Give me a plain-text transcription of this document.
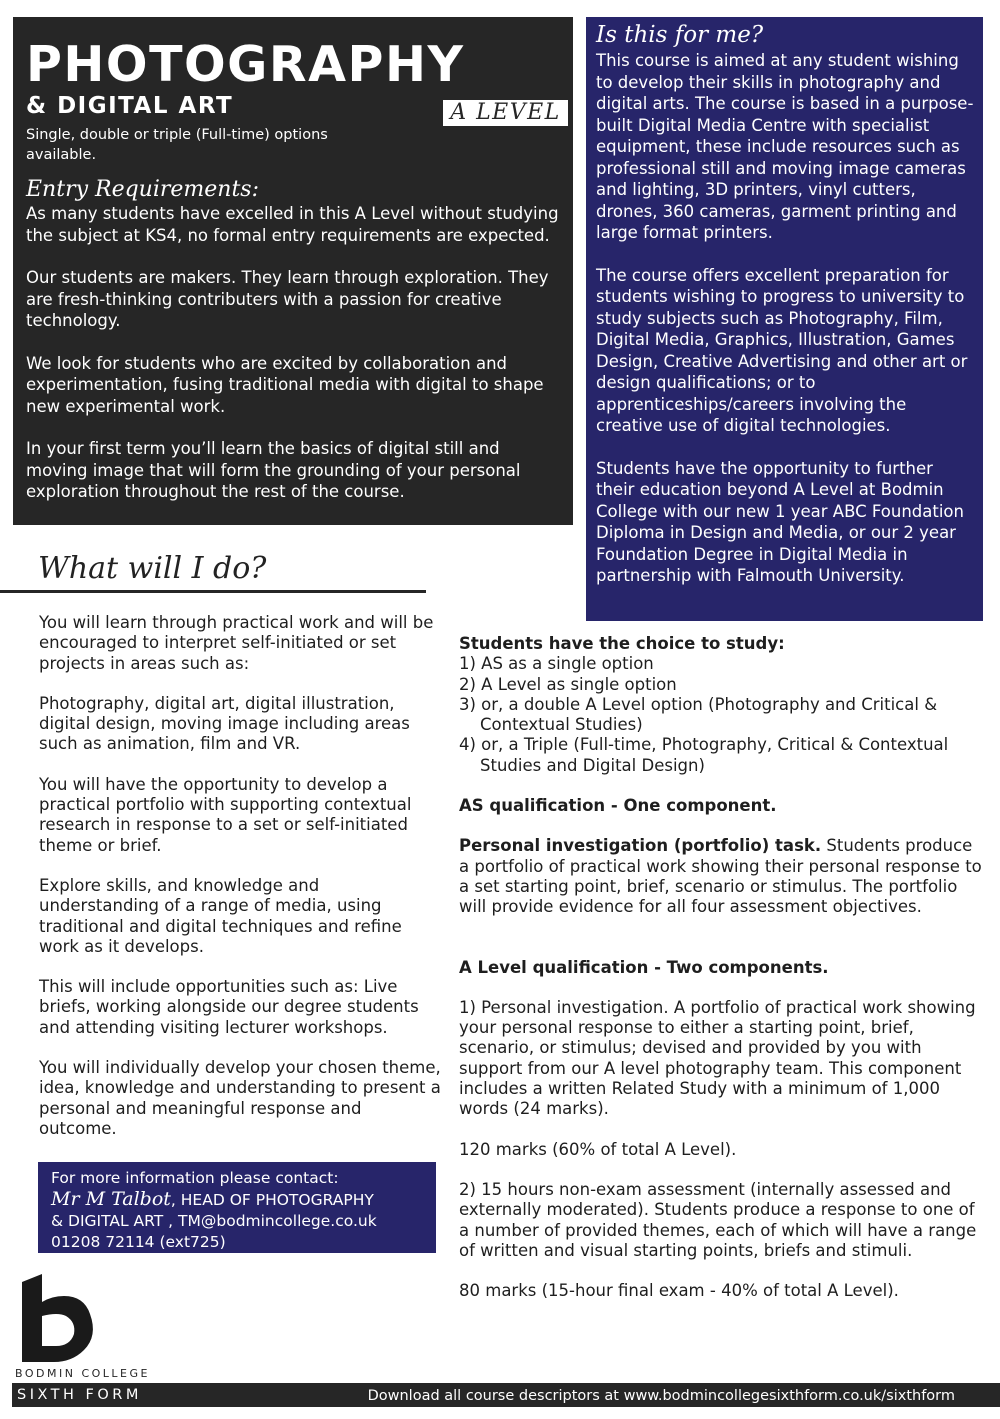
PHOTOGRAPHY
& DIGITAL ART	A LEVEL

Single, double or triple (Full-time) options available.

Entry Requirements:

As many students have excelled in this A Level without studying the subject at KS4, no formal entry requirements are expected.

Our students are makers. They learn through exploration. They are fresh-thinking contributers with a passion for creative technology.

We look for students who are excited by collaboration and experimentation, fusing traditional media with digital to shape new experimental work.

In your first term you’ll learn the basics of digital still and moving image that will form the grounding of your personal exploration throughout the rest of the course.

Is this for me?

This course is aimed at any student wishing to develop their skills in photography and digital arts. The course is based in a purpose-built Digital Media Centre with specialist equipment, these include resources such as professional still and moving image cameras and lighting, 3D printers, vinyl cutters, drones, 360 cameras, garment printing and large format printers.

The course offers excellent preparation for students wishing to progress to university to study subjects such as Photography, Film, Digital Media, Graphics, Illustration, Games Design, Creative Advertising and other art or design qualifications; or to apprenticeships/careers involving the creative use of digital technologies.

Students have the opportunity to further their education beyond A Level at Bodmin College with our new 1 year ABC Foundation Diploma in Design and Media, or our 2 year Foundation Degree in Digital Media in partnership with Falmouth University.

What will I do?

You will learn through practical work and will be encouraged to interpret self-initiated or set projects in areas such as:

Photography, digital art, digital illustration, digital design, moving image including areas such as animation, film and VR.

You will have the opportunity to develop a practical portfolio with supporting contextual research in response to a set or self-initiated theme or brief.

Explore skills, and knowledge and understanding of a range of media, using traditional and digital techniques and refine work as it develops.

This will include opportunities such as: Live briefs, working alongside our degree students and attending visiting lecturer workshops.

You will individually develop your chosen theme, idea, knowledge and understanding to present a personal and meaningful response and outcome.

Students have the choice to study:
1) AS as a single option
2) A Level as single option
3) or, a double A Level option (Photography and Critical & Contextual Studies)
4) or, a Triple (Full-time, Photography, Critical & Contextual Studies and Digital Design)
AS qualification - One component.

Personal investigation (portfolio) task. Students produce a portfolio of practical work showing their personal response to a set starting point, brief, scenario or stimulus. The portfolio will provide evidence for all four assessment objectives.

A Level qualification - Two components.

1) Personal investigation. A portfolio of practical work showing your personal response to either a starting point, brief, scenario, or stimulus; devised and provided by you with support from our A level photography team. This component includes a written Related Study with a minimum of 1,000 words (24 marks).

120 marks (60% of total A Level).

2) 15 hours non-exam assessment (internally assessed and externally moderated). Students produce a response to one of a number of provided themes, each of which will have a range of written and visual starting points, briefs and stimuli.

80 marks (15-hour final exam - 40% of total A Level).

For more information please contact:
Mr M Talbot, HEAD OF PHOTOGRAPHY
& DIGITAL ART , TM@bodmincollege.co.uk
01208 72114 (ext725)
BODMIN COLLEGE
SIXTH FORM	Download all course descriptors at www.bodmincollegesixthform.co.uk/sixthform
